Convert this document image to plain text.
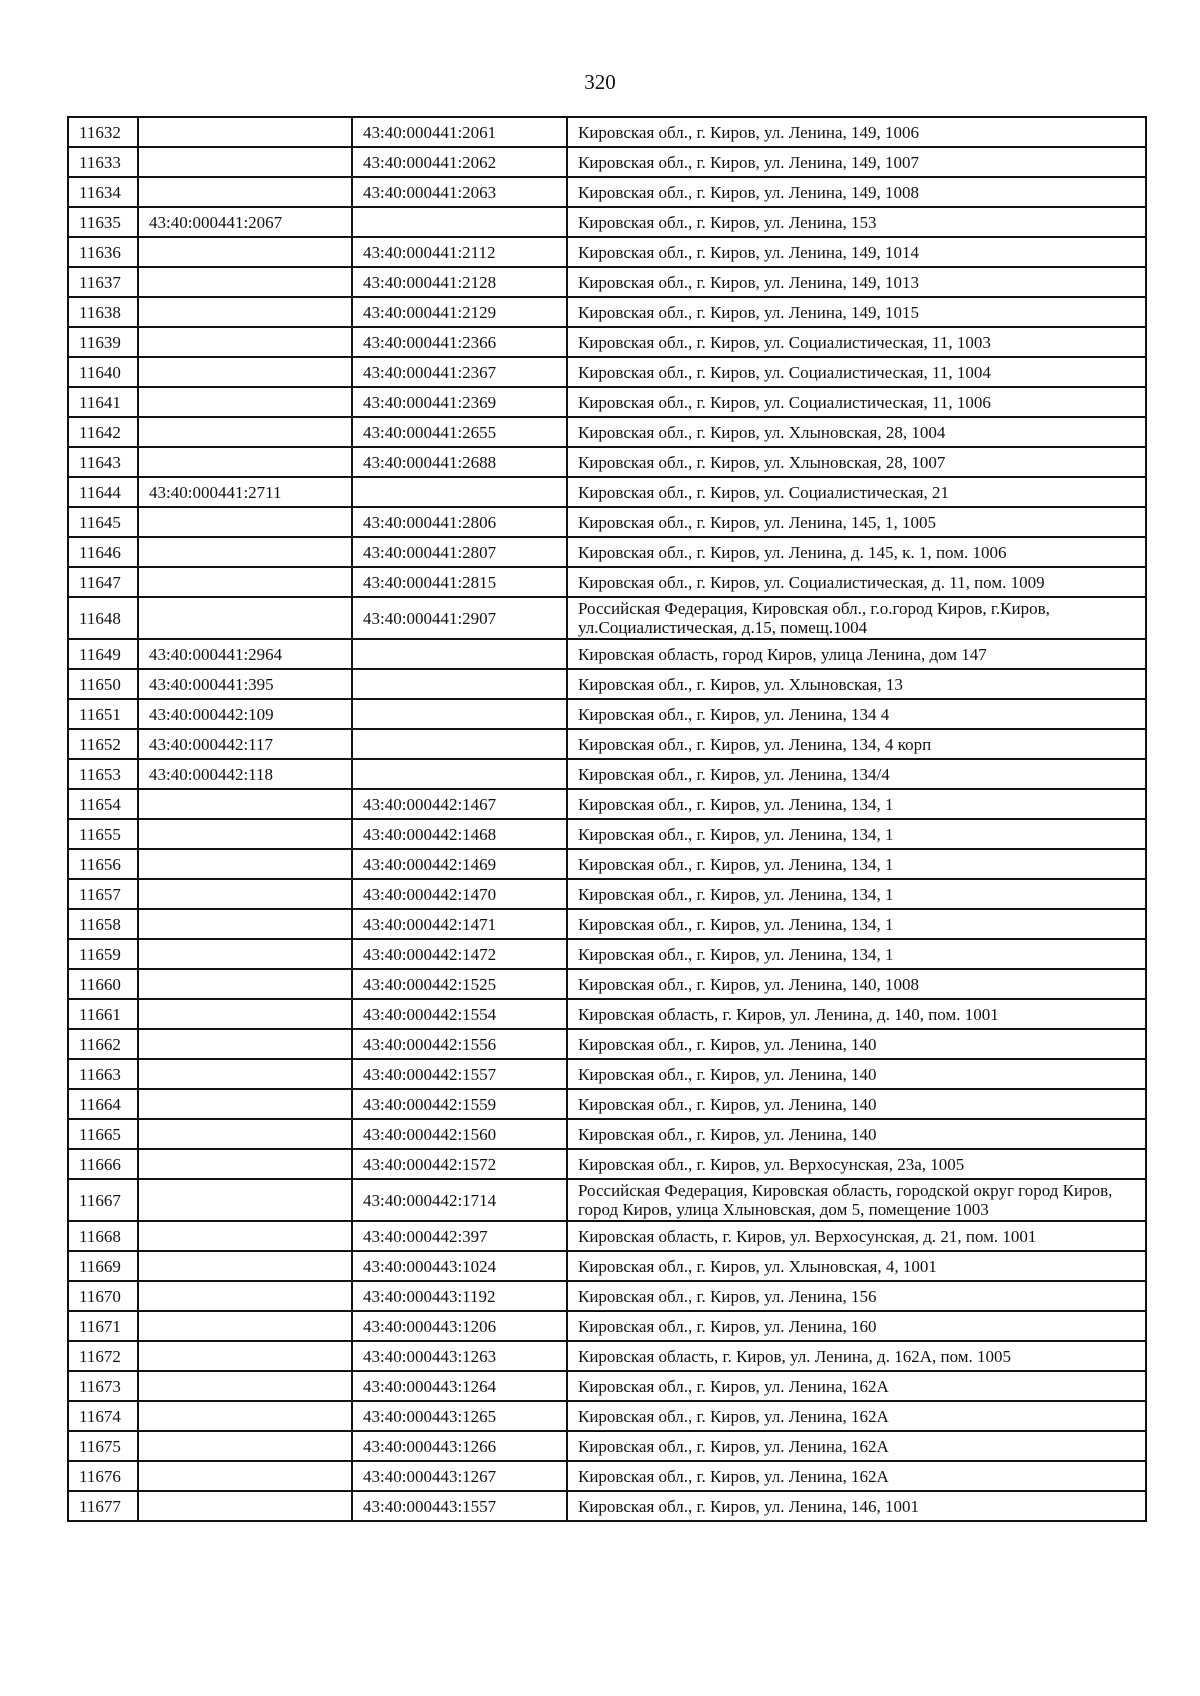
320
11632		43:40:000441:2061	Кировская обл., г. Киров, ул. Ленина, 149, 1006
11633		43:40:000441:2062	Кировская обл., г. Киров, ул. Ленина, 149, 1007
11634		43:40:000441:2063	Кировская обл., г. Киров, ул. Ленина, 149, 1008
11635	43:40:000441:2067		Кировская обл., г. Киров, ул. Ленина, 153
11636		43:40:000441:2112	Кировская обл., г. Киров, ул. Ленина, 149, 1014
11637		43:40:000441:2128	Кировская обл., г. Киров, ул. Ленина, 149, 1013
11638		43:40:000441:2129	Кировская обл., г. Киров, ул. Ленина, 149, 1015
11639		43:40:000441:2366	Кировская обл., г. Киров, ул. Социалистическая, 11, 1003
11640		43:40:000441:2367	Кировская обл., г. Киров, ул. Социалистическая, 11, 1004
11641		43:40:000441:2369	Кировская обл., г. Киров, ул. Социалистическая, 11, 1006
11642		43:40:000441:2655	Кировская обл., г. Киров, ул. Хлыновская, 28, 1004
11643		43:40:000441:2688	Кировская обл., г. Киров, ул. Хлыновская, 28, 1007
11644	43:40:000441:2711		Кировская обл., г. Киров, ул. Социалистическая, 21
11645		43:40:000441:2806	Кировская обл., г. Киров, ул. Ленина, 145, 1, 1005
11646		43:40:000441:2807	Кировская обл., г. Киров, ул. Ленина, д. 145, к. 1, пом. 1006
11647		43:40:000441:2815	Кировская обл., г. Киров, ул. Социалистическая, д. 11, пом. 1009
11648		43:40:000441:2907	Российская Федерация, Кировская обл., г.о.город Киров, г.Киров, ул.Социалистическая, д.15, помещ.1004
11649	43:40:000441:2964		Кировская область, город Киров, улица Ленина, дом 147
11650	43:40:000441:395		Кировская обл., г. Киров, ул. Хлыновская, 13
11651	43:40:000442:109		Кировская обл., г. Киров, ул. Ленина, 134 4
11652	43:40:000442:117		Кировская обл., г. Киров, ул. Ленина, 134, 4 корп
11653	43:40:000442:118		Кировская обл., г. Киров, ул. Ленина, 134/4
11654		43:40:000442:1467	Кировская обл., г. Киров, ул. Ленина, 134, 1
11655		43:40:000442:1468	Кировская обл., г. Киров, ул. Ленина, 134, 1
11656		43:40:000442:1469	Кировская обл., г. Киров, ул. Ленина, 134, 1
11657		43:40:000442:1470	Кировская обл., г. Киров, ул. Ленина, 134, 1
11658		43:40:000442:1471	Кировская обл., г. Киров, ул. Ленина, 134, 1
11659		43:40:000442:1472	Кировская обл., г. Киров, ул. Ленина, 134, 1
11660		43:40:000442:1525	Кировская обл., г. Киров, ул. Ленина, 140, 1008
11661		43:40:000442:1554	Кировская область, г. Киров, ул. Ленина, д. 140, пом. 1001
11662		43:40:000442:1556	Кировская обл., г. Киров, ул. Ленина, 140
11663		43:40:000442:1557	Кировская обл., г. Киров, ул. Ленина, 140
11664		43:40:000442:1559	Кировская обл., г. Киров, ул. Ленина, 140
11665		43:40:000442:1560	Кировская обл., г. Киров, ул. Ленина, 140
11666		43:40:000442:1572	Кировская обл., г. Киров, ул. Верхосунская, 23а, 1005
11667		43:40:000442:1714	Российская Федерация, Кировская область, городской округ город Киров, город Киров, улица Хлыновская, дом 5, помещение 1003
11668		43:40:000442:397	Кировская область, г. Киров, ул. Верхосунская, д. 21, пом. 1001
11669		43:40:000443:1024	Кировская обл., г. Киров, ул. Хлыновская, 4, 1001
11670		43:40:000443:1192	Кировская обл., г. Киров, ул. Ленина, 156
11671		43:40:000443:1206	Кировская обл., г. Киров, ул. Ленина, 160
11672		43:40:000443:1263	Кировская область, г. Киров, ул. Ленина, д. 162А, пом. 1005
11673		43:40:000443:1264	Кировская обл., г. Киров, ул. Ленина, 162А
11674		43:40:000443:1265	Кировская обл., г. Киров, ул. Ленина, 162А
11675		43:40:000443:1266	Кировская обл., г. Киров, ул. Ленина, 162А
11676		43:40:000443:1267	Кировская обл., г. Киров, ул. Ленина, 162А
11677		43:40:000443:1557	Кировская обл., г. Киров, ул. Ленина, 146, 1001
